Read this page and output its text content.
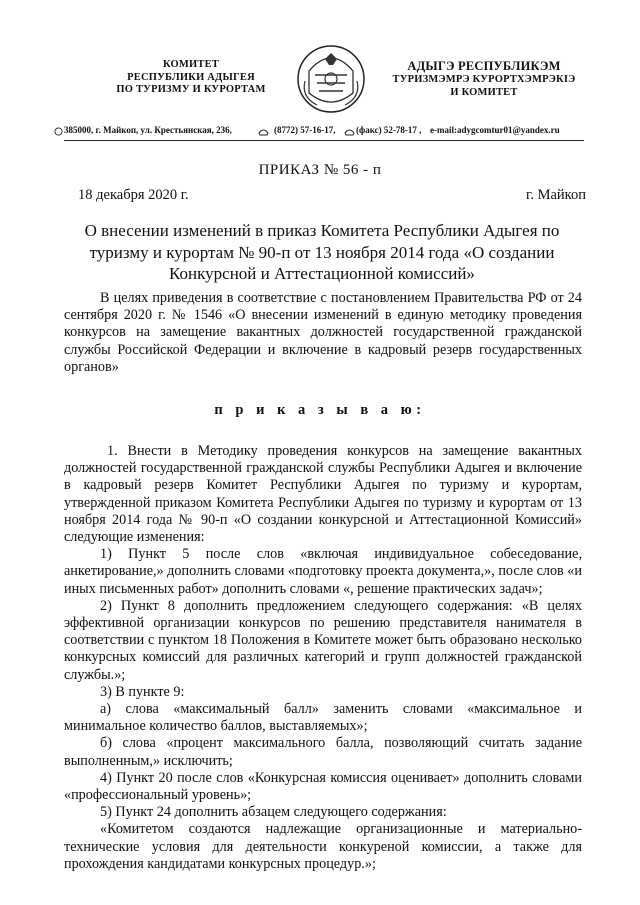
КОМИТЕТ
РЕСПУБЛИКИ АДЫГЕЯ
ПО ТУРИЗМУ И КУРОРТАМ
АДЫГЭ РЕСПУБЛИКЭМ
ТУРИЗМЭМРЭ КУРОРТХЭМРЭКIЭ
И КОМИТЕТ
385000, г. Майкоп, ул. Крестьянская, 236,	(8772) 57-16-17, (факс) 52-78-17 , e-mail:adygcomtur01@yandex.ru
ПРИКАЗ № 56 - п
18 декабря 2020 г.	г. Майкоп
О внесении изменений в приказ Комитета Республики Адыгея по туризму и курортам № 90-п от 13 ноября 2014 года «О создании Конкурсной и Аттестационной комиссий»

В целях приведения в соответствие с постановлением Правительства РФ от 24 сентября 2020 г. № 1546 «О внесении изменений в единую методику проведения конкурсов на замещение вакантных должностей государственной гражданской службы Российской Федерации и включение в кадровый резерв государственных органов»

п р и к а з ы в а ю:

1. Внести в Методику проведения конкурсов на замещение вакантных должностей государственной гражданской службы Республики Адыгея и включение в кадровый резерв Комитет Республики Адыгея по туризму и курортам, утвержденной приказом Комитета Республики Адыгея по туризму и курортам от 13 ноября 2014 года № 90-п «О создании конкурсной и Аттестационной Комиссий» следующие изменения:

1) Пункт 5 после слов «включая индивидуальное собеседование, анкетирование,» дополнить словами «подготовку проекта документа,», после слов «и иных письменных работ» дополнить словами «, решение практических задач»;

2) Пункт 8 дополнить предложением следующего содержания: «В целях эффективной организации конкурсов по решению представителя нанимателя в соответствии с пунктом 18 Положения в Комитете может быть образовано несколько конкурсных комиссий для различных категорий и групп должностей гражданской службы.»;

3) В пункте 9:

а) слова «максимальный балл» заменить словами «максимальное и минимальное количество баллов, выставляемых»;

б) слова «процент максимального балла, позволяющий считать задание выполненным,» исключить;

4) Пункт 20 после слов «Конкурсная комиссия оценивает» дополнить словами «профессиональный уровень»;

5) Пункт 24 дополнить абзацем следующего содержания:

«Комитетом создаются надлежащие организационные и материально-технические условия для деятельности конкуреной комиссии, а также для прохождения кандидатами конкурсных процедур.»;
